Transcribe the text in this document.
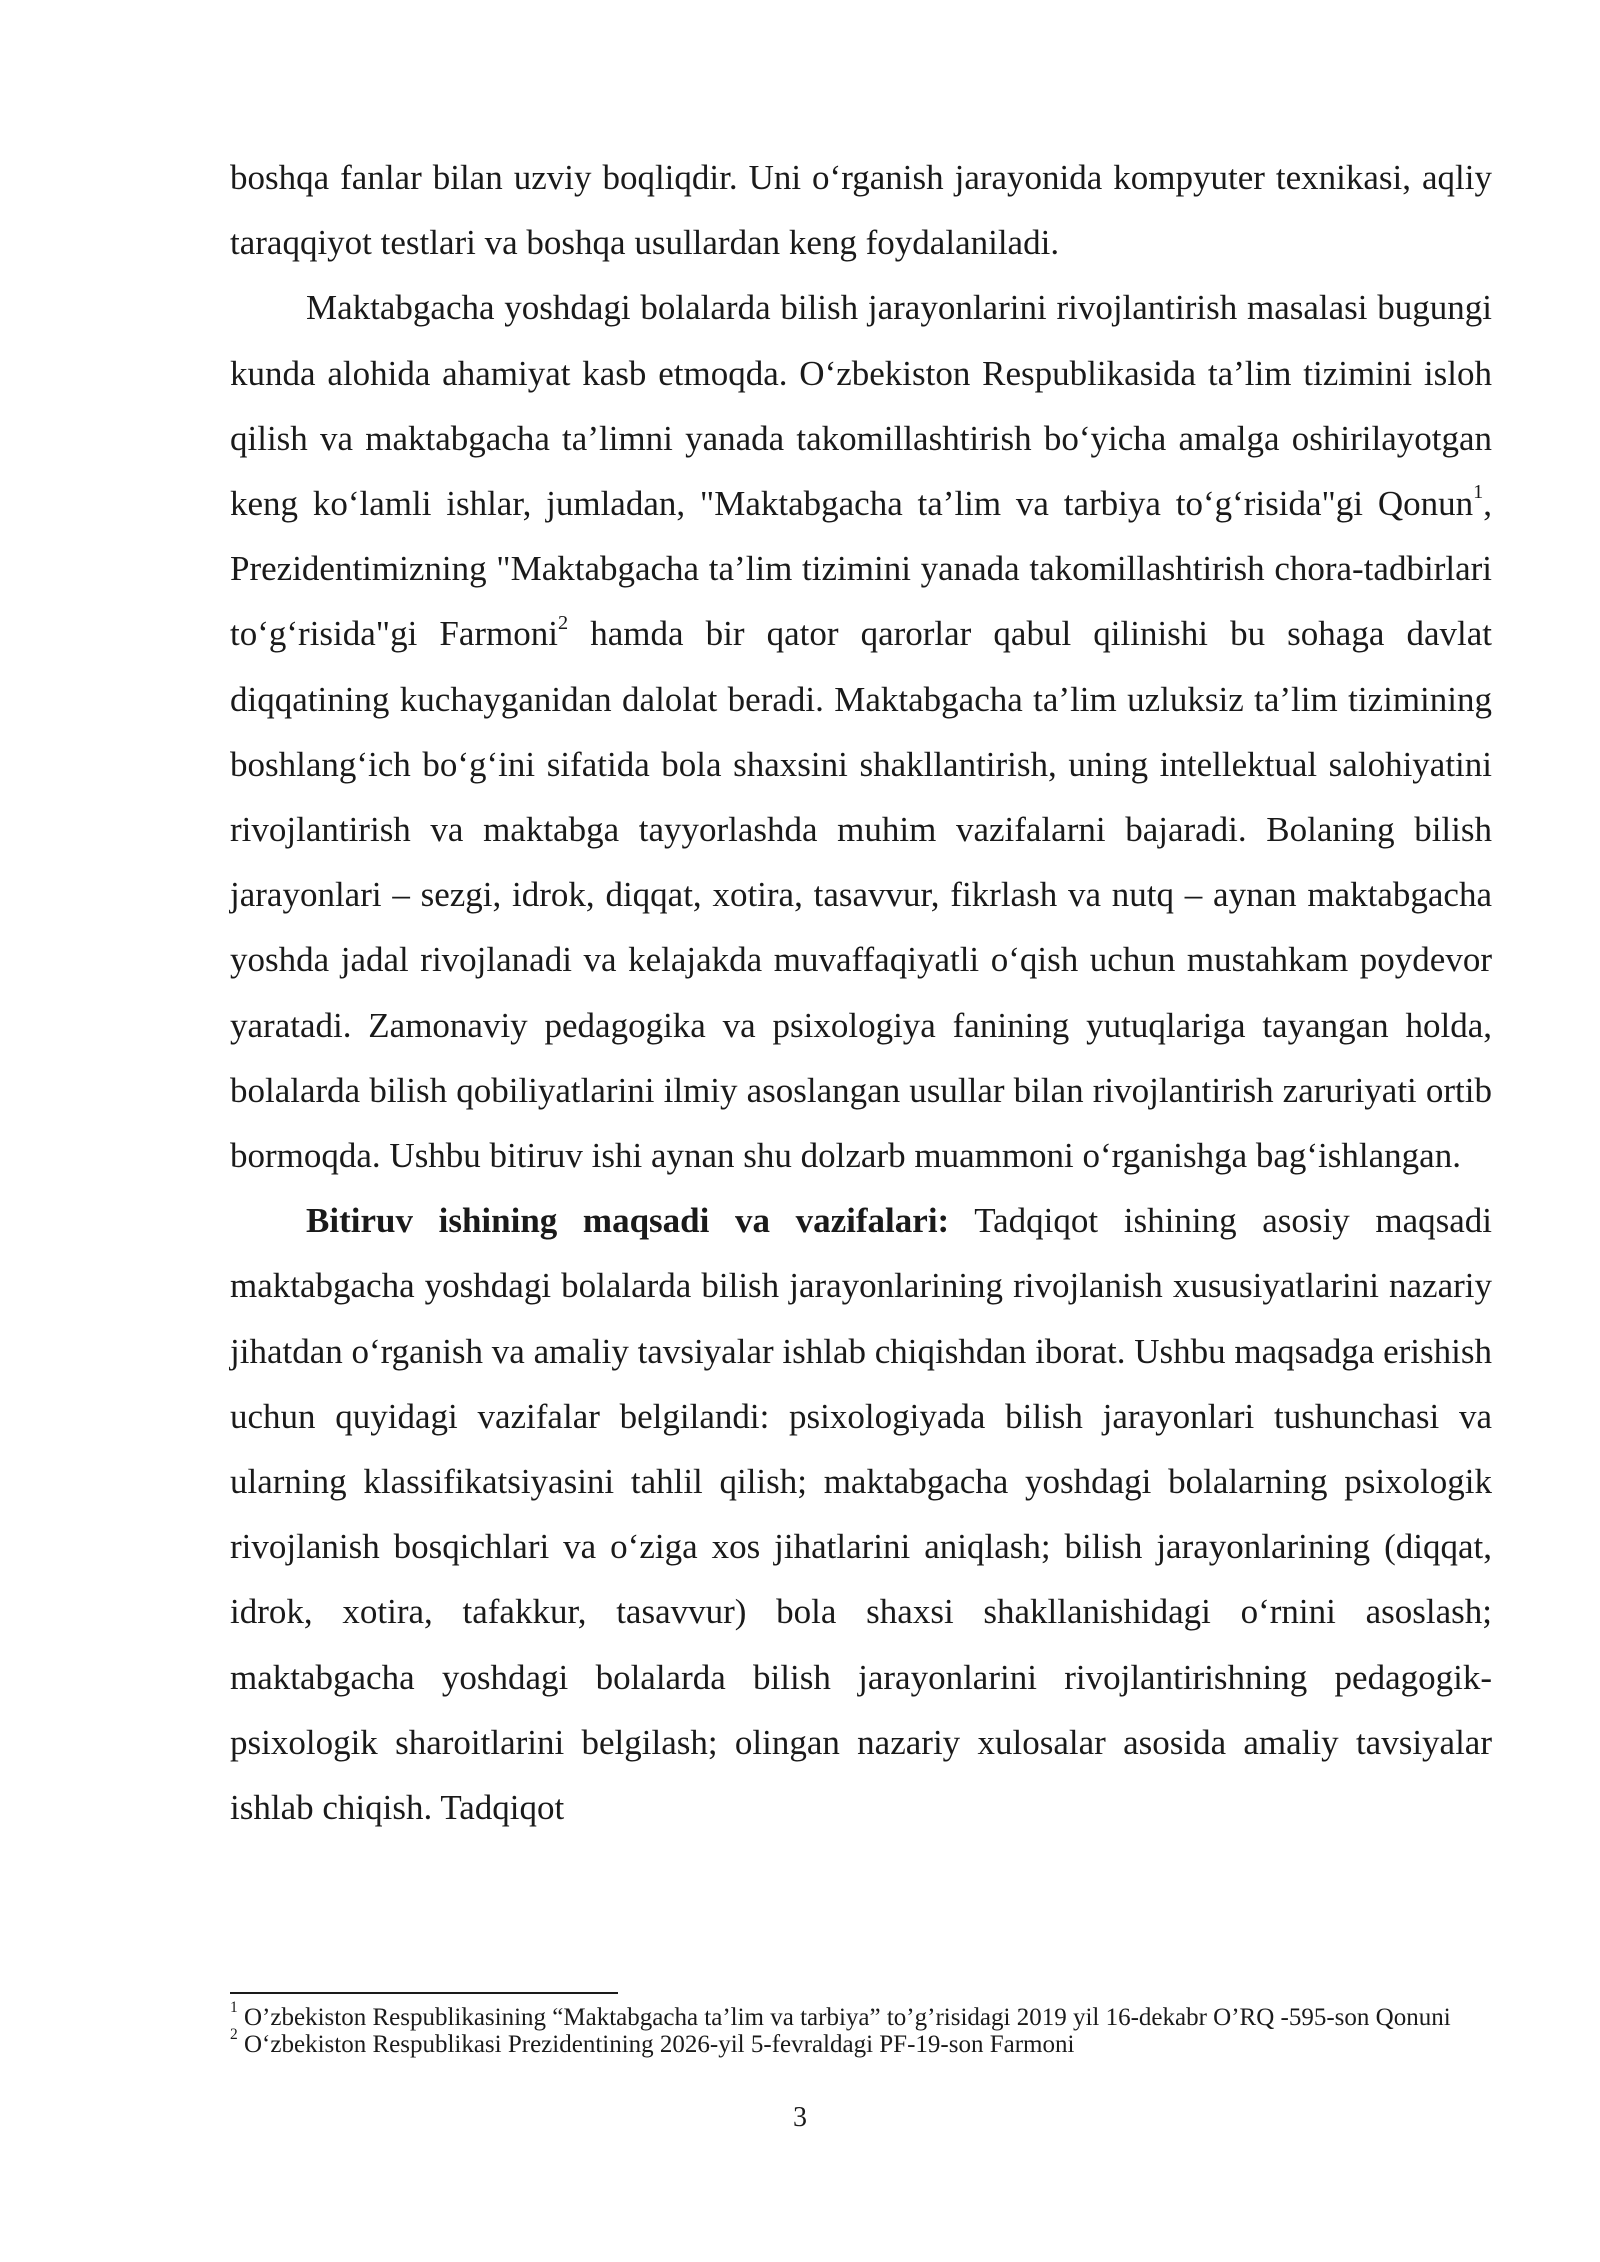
boshqa fanlar bilan uzviy boqliqdir. Uni o‘rganish jarayonida kompyuter texnikasi, aqliy taraqqiyot testlari va boshqa usullardan keng foydalaniladi.

Maktabgacha yoshdagi bolalarda bilish jarayonlarini rivojlantirish masalasi bugungi kunda alohida ahamiyat kasb etmoqda. O‘zbekiston Respublikasida ta’lim tizimini isloh qilish va maktabgacha ta’limni yanada takomillashtirish bo‘yicha amalga oshirilayotgan keng ko‘lamli ishlar, jumladan, "Maktabgacha ta’lim va tarbiya to‘g‘risida"gi Qonun$^1$, Prezidentimizning "Maktabgacha ta’lim tizimini yanada takomillashtirish chora-tadbirlari to‘g‘risida"gi Farmoni$^2$ hamda bir qator qarorlar qabul qilinishi bu sohaga davlat diqqatining kuchayganidan dalolat beradi. Maktabgacha ta’lim uzluksiz ta’lim tizimining boshlang‘ich bo‘g‘ini sifatida bola shaxsini shakllantirish, uning intellektual salohiyatini rivojlantirish va maktabga tayyorlashda muhim vazifalarni bajaradi. Bolaning bilish jarayonlari – sezgi, idrok, diqqat, xotira, tasavvur, fikrlash va nutq – aynan maktabgacha yoshda jadal rivojlanadi va kelajakda muvaffaqiyatli o‘qish uchun mustahkam poydevor yaratadi. Zamonaviy pedagogika va psixologiya fanining yutuqlariga tayangan holda, bolalarda bilish qobiliyatlarini ilmiy asoslangan usullar bilan rivojlantirish zaruriyati ortib bormoqda. Ushbu bitiruv ishi aynan shu dolzarb muammoni o‘rganishga bag‘ishlangan.

Bitiruv ishining maqsadi va vazifalari: Tadqiqot ishining asosiy maqsadi maktabgacha yoshdagi bolalarda bilish jarayonlarining rivojlanish xususiyatlarini nazariy jihatdan o‘rganish va amaliy tavsiyalar ishlab chiqishdan iborat. Ushbu maqsadga erishish uchun quyidagi vazifalar belgilandi: psixologiyada bilish jarayonlari tushunchasi va ularning klassifikatsiyasini tahlil qilish; maktabgacha yoshdagi bolalarning psixologik rivojlanish bosqichlari va o‘ziga xos jihatlarini aniqlash; bilish jarayonlarining (diqqat, idrok, xotira, tafakkur, tasavvur) bola shaxsi shakllanishidagi o‘rnini asoslash; maktabgacha yoshdagi bolalarda bilish jarayonlarini rivojlantirishning pedagogik-psixologik sharoitlarini belgilash; olingan nazariy xulosalar asosida amaliy tavsiyalar ishlab chiqish. Tadqiqot

$^1$ O’zbekiston Respublikasining “Maktabgacha ta’lim va tarbiya” to’g’risidagi 2019 yil 16-dekabr O’RQ -595-son Qonuni

$^2$ O‘zbekiston Respublikasi Prezidentining 2026-yil 5-fevraldagi PF-19-son Farmoni

3
